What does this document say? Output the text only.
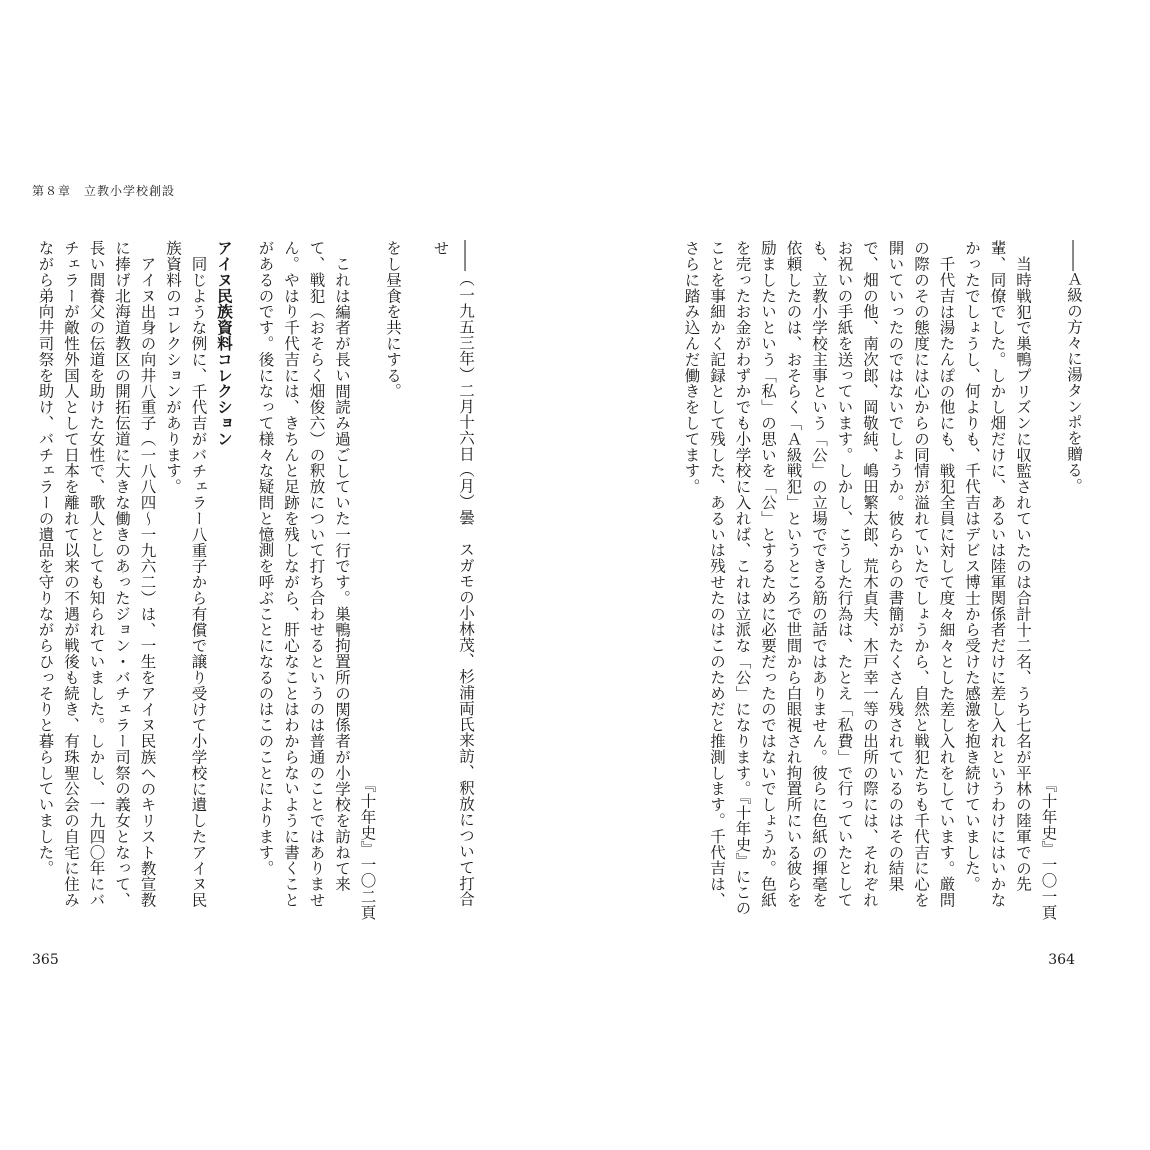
第８章　立教小学校創設

――（一九五三年）二月十六日（月）曇　スガモの小林茂、杉浦両氏来訪、釈放について打合せ

をし昼食を共にする。

『十年史』一〇二頁

これは編者が長い間読み過ごしていた一行です。巣鴨拘置所の関係者が小学校を訪ねて来て、戦犯（おそらく畑俊六）の釈放について打ち合わせるというのは普通のことではありません。やはり千代吉には、きちんと足跡を残しながら、肝心なことはわからないように書くことがあるのです。後になって様々な疑問と憶測を呼ぶことになるのはこのことによります。

アイヌ民族資料コレクション

同じような例に、千代吉がバチェラー八重子から有償で譲り受けて小学校に遺したアイヌ民族資料のコレクションがあります。

アイヌ出身の向井八重子（一八八四〜一九六二）は、一生をアイヌ民族へのキリスト教宣教に捧げ北海道教区の開拓伝道に大きな働きのあったジョン・バチェラー司祭の義女となって、長い間養父の伝道を助けた女性で、歌人としても知られていました。しかし、一九四〇年にバチェラーが敵性外国人として日本を離れて以来の不遇が戦後も続き、有珠聖公会の自宅に住みながら弟向井司祭を助け、バチェラーの遺品を守りながらひっそりと暮らしていました。

365

――Ａ級の方々に湯タンポを贈る。

『十年史』一〇一頁

当時戦犯で巣鴨プリズンに収監されていたのは合計十二名、うち七名が平林の陸軍での先輩、同僚でした。しかし畑だけに、あるいは陸軍関係者だけに差し入れというわけにはいかなかったでしょうし、何よりも、千代吉はデビス博士から受けた感激を抱き続けていました。

千代吉は湯たんぽの他にも、戦犯全員に対して度々細々とした差し入れをしています。厳問の際のその態度には心からの同情が溢れていたでしょうから、自然と戦犯たちも千代吉に心を開いていったのではないでしょうか。彼らからの書簡がたくさん残されているのはその結果で、畑の他、南次郎、岡敬純、嶋田繁太郎、荒木貞夫、木戸幸一等の出所の際には、それぞれお祝いの手紙を送っています。しかし、こうした行為は、たとえ「私費」で行っていたとしても、立教小学校主事という「公」の立場でできる筋の話ではありません。彼らに色紙の揮毫を依頼したのは、おそらく「Ａ級戦犯」というところで世間から白眼視され拘置所にいる彼らを励ましたいという「私」の思いを「公」とするために必要だったのではないでしょうか。色紙を売ったお金がわずかでも小学校に入れば、これは立派な「公」になります。『十年史』にこのことを事細かく記録として残した、あるいは残せたのはこのためだと推測します。千代吉は、さらに踏み込んだ働きをしてます。

364
